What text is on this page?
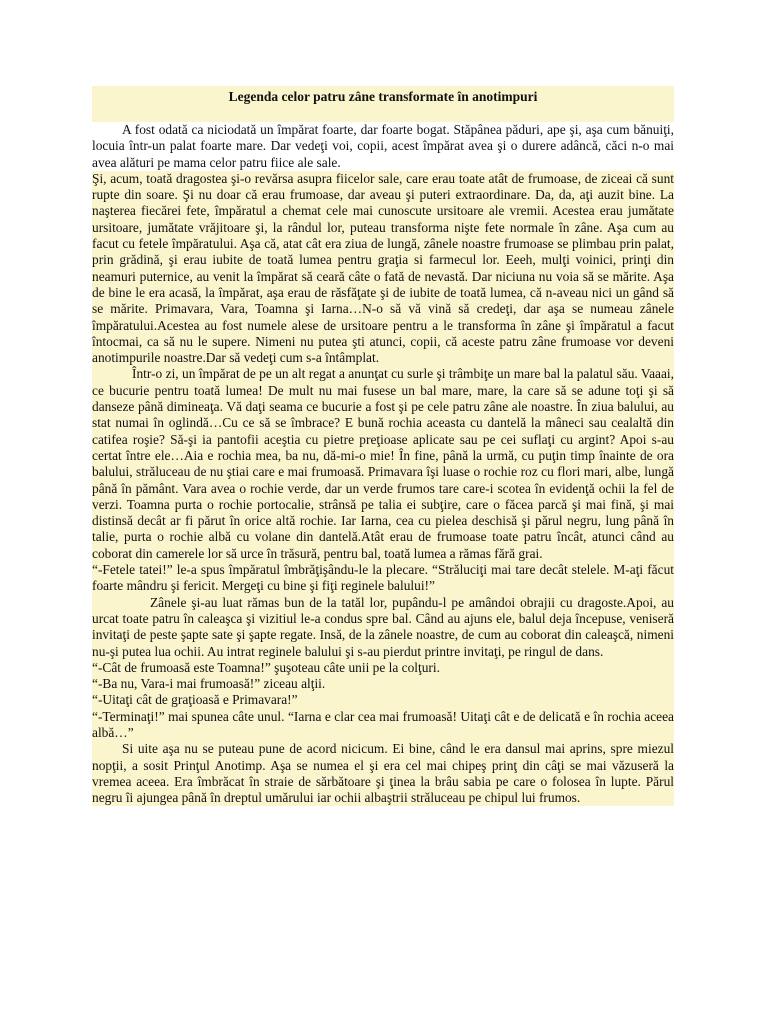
Legenda celor patru zâne transformate în anotimpuri

A fost odată ca niciodată un împărat foarte, dar foarte bogat. Stăpânea păduri, ape şi, aşa cum bănuiţi, locuia într-un palat foarte mare. Dar vedeţi voi, copii, acest împărat avea şi o durere adâncă, căci n-o mai avea alături pe mama celor patru fiice ale sale.

Şi, acum, toată dragostea şi-o revărsa asupra fiicelor sale, care erau toate atât de frumoase, de ziceai că sunt rupte din soare. Şi nu doar că erau frumoase, dar aveau şi puteri extraordinare. Da, da, aţi auzit bine. La naşterea fiecărei fete, împăratul a chemat cele mai cunoscute ursitoare ale vremii. Acestea erau jumătate ursitoare, jumătate vrăjitoare şi, la rândul lor, puteau transforma nişte fete normale în zâne. Aşa cum au facut cu fetele împăratului. Aşa că, atat cât era ziua de lungă, zânele noastre frumoase se plimbau prin palat, prin grădină, şi erau iubite de toată lumea pentru graţia si farmecul lor. Eeeh, mulţi voinici, prinţi din neamuri puternice, au venit la împărat să ceară câte o fată de nevastă. Dar niciuna nu voia să se mărite. Aşa de bine le era acasă, la împărat, aşa erau de răsfăţate şi de iubite de toată lumea, că n-aveau nici un gând să se mărite. Primavara, Vara, Toamna şi Iarna…N-o să vă vină să credeţi, dar aşa se numeau zânele împăratului.Acestea au fost numele alese de ursitoare pentru a le transforma în zâne şi împăratul a facut întocmai, ca să nu le supere. Nimeni nu putea şti atunci, copii, că aceste patru zâne frumoase vor deveni anotimpurile noastre.Dar să vedeţi cum s-a întâmplat.

Într-o zi, un împărat de pe un alt regat a anunţat cu surle şi trâmbiţe un mare bal la palatul său. Vaaai, ce bucurie pentru toată lumea! De mult nu mai fusese un bal mare, mare, la care să se adune toţi şi să danseze până dimineaţa. Vă daţi seama ce bucurie a fost şi pe cele patru zâne ale noastre. În ziua balului, au stat numai în oglindă…Cu ce să se îmbrace? E bună rochia aceasta cu dantelă la mâneci sau cealaltă din catifea roşie? Să-şi ia pantofii aceştia cu pietre preţioase aplicate sau pe cei suflaţi cu argint? Apoi s-au certat între ele…Aia e rochia mea, ba nu, dă-mi-o mie! În fine, până la urmă, cu puţin timp înainte de ora balului, străluceau de nu ştiai care e mai frumoasă. Primavara îşi luase o rochie roz cu flori mari, albe, lungă până în pământ. Vara avea o rochie verde, dar un verde frumos tare care-i scotea în evidenţă ochii la fel de verzi. Toamna purta o rochie portocalie, strânsă pe talia ei subţire, care o făcea parcă şi mai fină, şi mai distinsă decât ar fi părut în orice altă rochie. Iar Iarna, cea cu pielea deschisă şi părul negru, lung până în talie, purta o rochie albă cu volane din dantelă.Atât erau de frumoase toate patru încât, atunci când au coborat din camerele lor să urce în trăsură, pentru bal, toată lumea a rămas fără grai.

“-Fetele tatei!” le-a spus împăratul îmbrăţişându-le la plecare. “Străluciţi mai tare decât stelele. M-aţi făcut foarte mândru şi fericit. Mergeţi cu bine şi fiţi reginele balului!”

Zânele şi-au luat rămas bun de la tatăl lor, pupându-l pe amândoi obrajii cu dragoste.Apoi, au urcat toate patru în caleaşca şi vizitiul le-a condus spre bal. Când au ajuns ele, balul deja începuse, veniseră invitaţi de peste şapte sate şi şapte regate. Insă, de la zânele noastre, de cum au coborat din caleaşcă, nimeni nu-şi putea lua ochii. Au intrat reginele balului şi s-au pierdut printre invitaţi, pe ringul de dans.

“-Cât de frumoasă este Toamna!” şuşoteau câte unii pe la colţuri.

“-Ba nu, Vara-i mai frumoasă!” ziceau alţii.

“-Uitaţi cât de graţioasă e Primavara!”

“-Terminaţi!” mai spunea câte unul. “Iarna e clar cea mai frumoasă! Uitaţi cât e de delicată e în rochia aceea albă…”

Si uite aşa nu se puteau pune de acord nicicum. Ei bine, când le era dansul mai aprins, spre miezul nopţii, a sosit Prinţul Anotimp. Aşa se numea el şi era cel mai chipeş prinţ din câţi se mai văzuseră la vremea aceea. Era îmbrăcat în straie de sărbătoare şi ţinea la brâu sabia pe care o folosea în lupte. Părul negru îi ajungea până în dreptul umărului iar ochii albaştrii străluceau pe chipul lui frumos.
